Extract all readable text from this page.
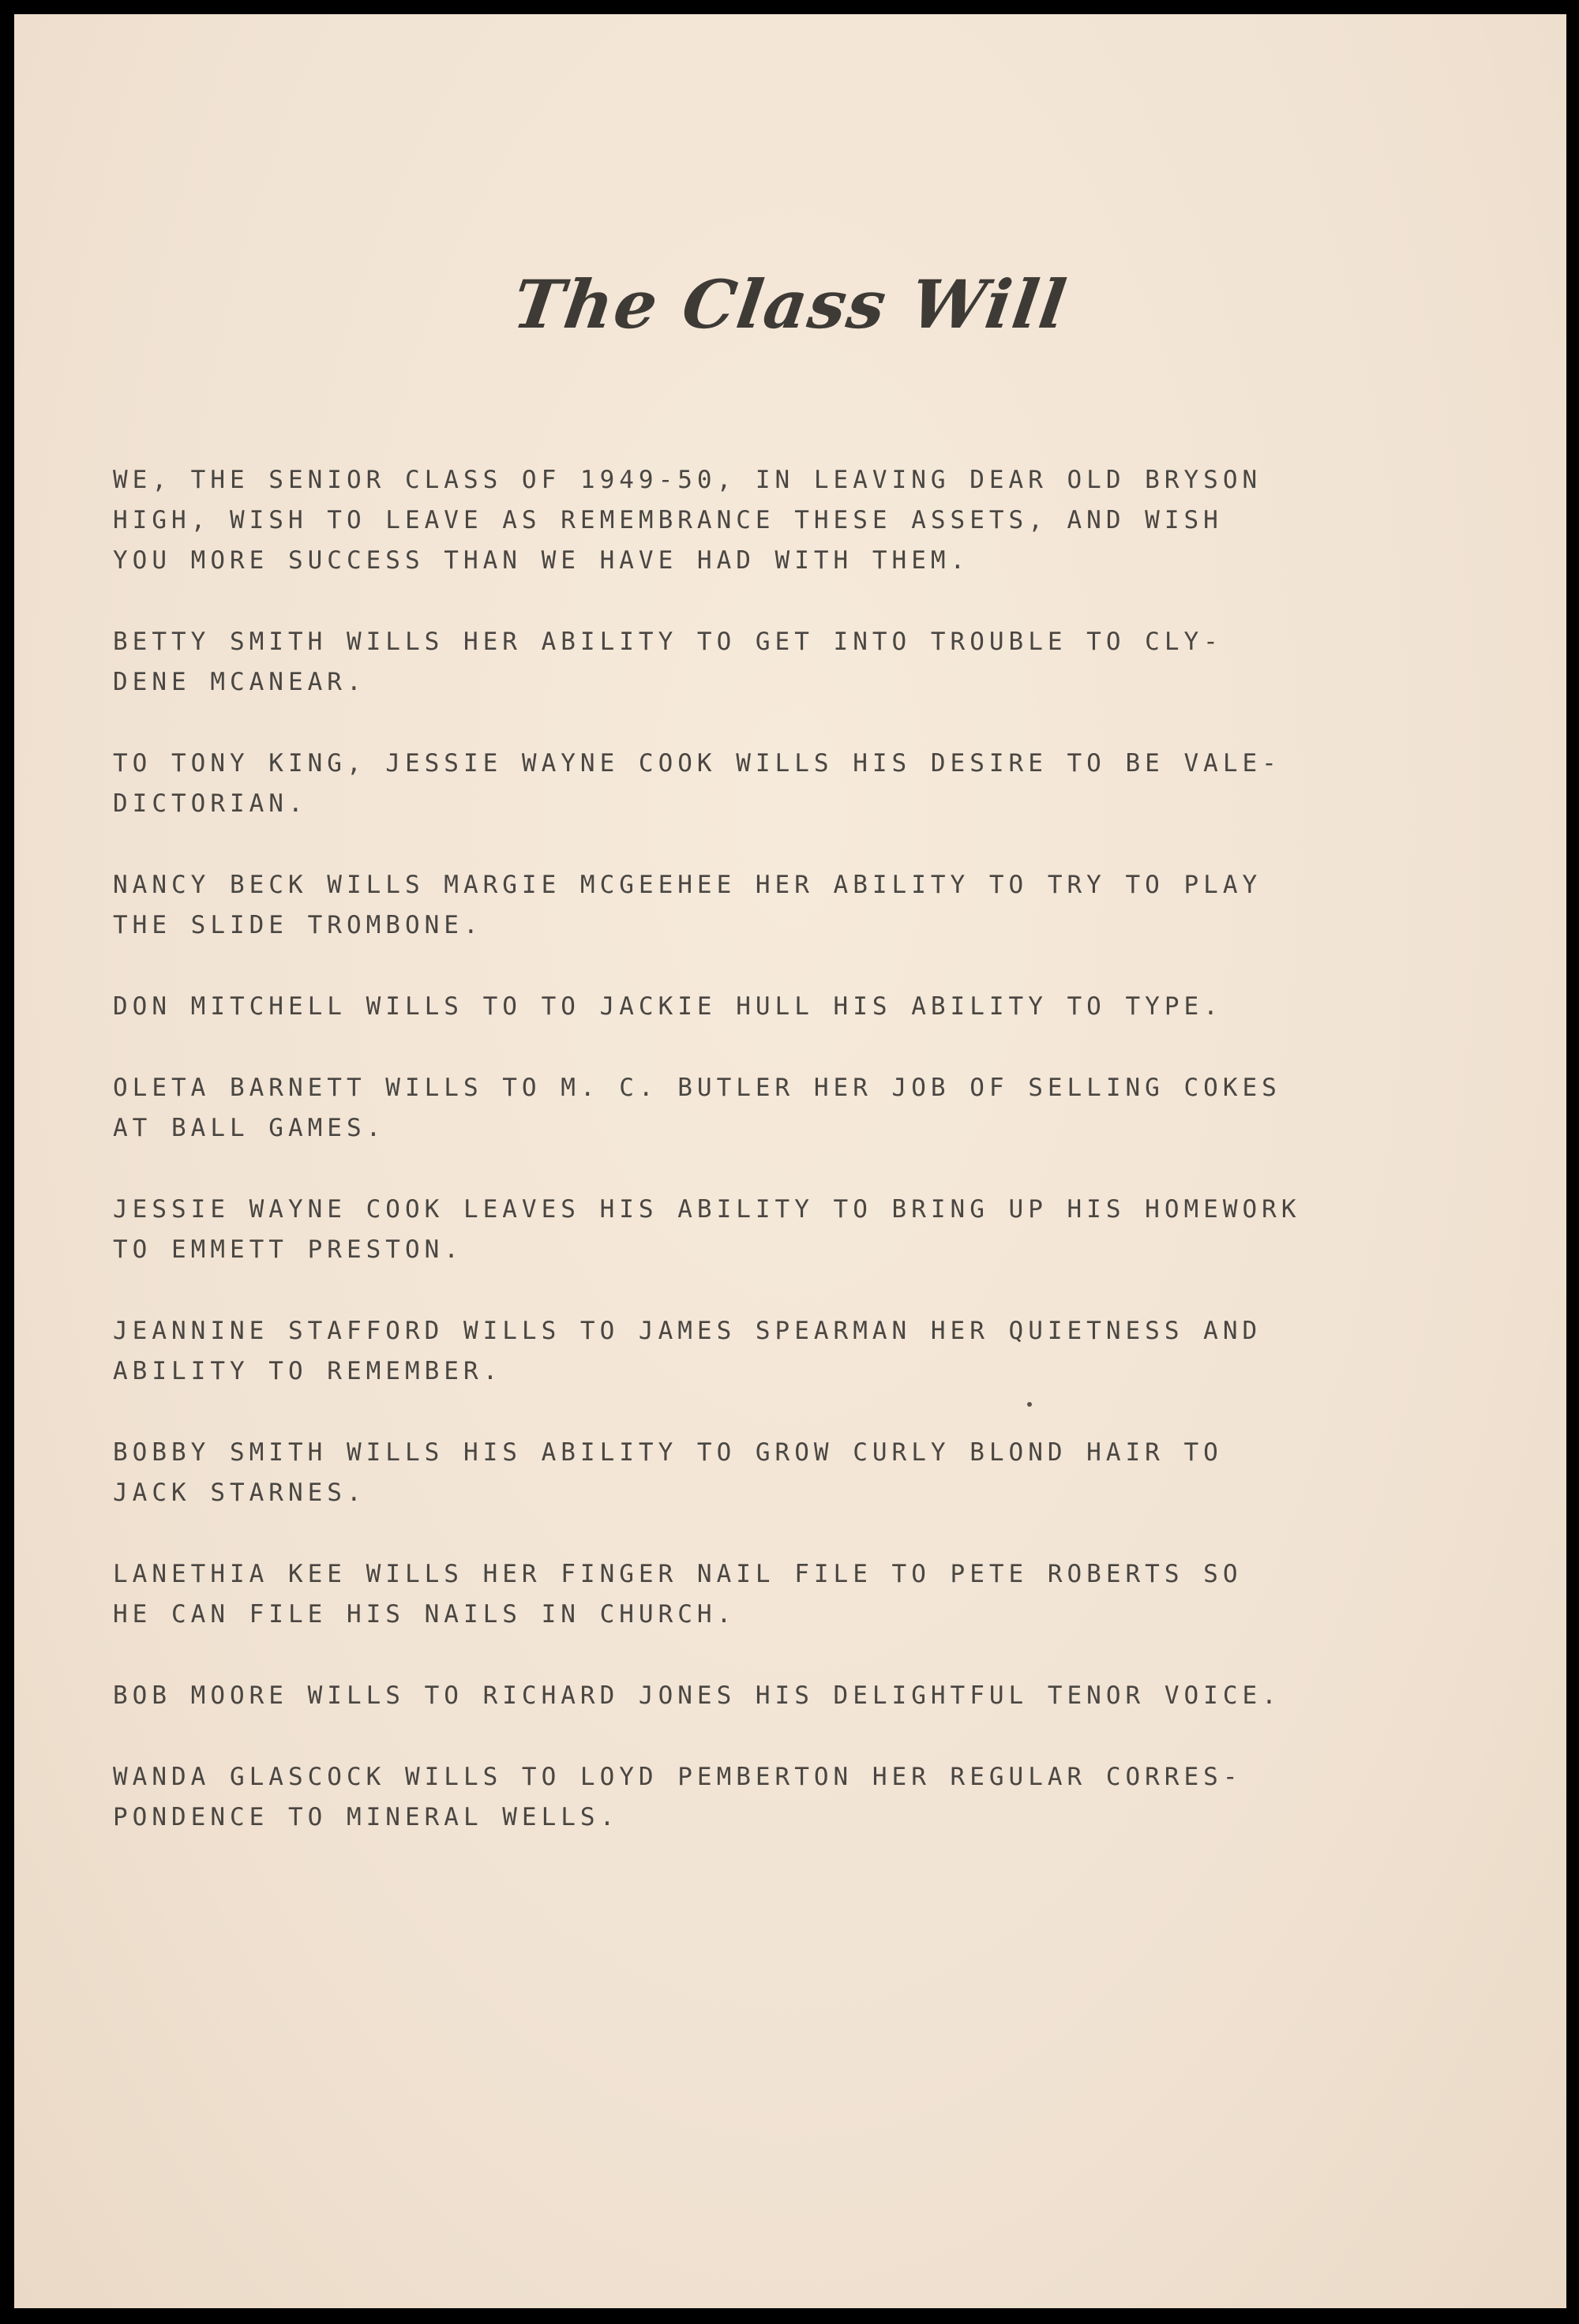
The Class Will

WE, THE SENIOR CLASS OF 1949-50, IN LEAVING DEAR OLD BRYSON
HIGH, WISH TO LEAVE AS REMEMBRANCE THESE ASSETS, AND WISH
YOU MORE SUCCESS THAN WE HAVE HAD WITH THEM.

BETTY SMITH WILLS HER ABILITY TO GET INTO TROUBLE TO CLY-
DENE MCANEAR.

TO TONY KING, JESSIE WAYNE COOK WILLS HIS DESIRE TO BE VALE-
DICTORIAN.

NANCY BECK WILLS MARGIE MCGEEHEE HER ABILITY TO TRY TO PLAY
THE SLIDE TROMBONE.

DON MITCHELL WILLS TO TO JACKIE HULL HIS ABILITY TO TYPE.

OLETA BARNETT WILLS TO M. C. BUTLER HER JOB OF SELLING COKES
AT BALL GAMES.

JESSIE WAYNE COOK LEAVES HIS ABILITY TO BRING UP HIS HOMEWORK
TO EMMETT PRESTON.

JEANNINE STAFFORD WILLS TO JAMES SPEARMAN HER QUIETNESS AND
ABILITY TO REMEMBER.

BOBBY SMITH WILLS HIS ABILITY TO GROW CURLY BLOND HAIR TO
JACK STARNES.

LANETHIA KEE WILLS HER FINGER NAIL FILE TO PETE ROBERTS SO
HE CAN FILE HIS NAILS IN CHURCH.

BOB MOORE WILLS TO RICHARD JONES HIS DELIGHTFUL TENOR VOICE.

WANDA GLASCOCK WILLS TO LOYD PEMBERTON HER REGULAR CORRES-
PONDENCE TO MINERAL WELLS.
